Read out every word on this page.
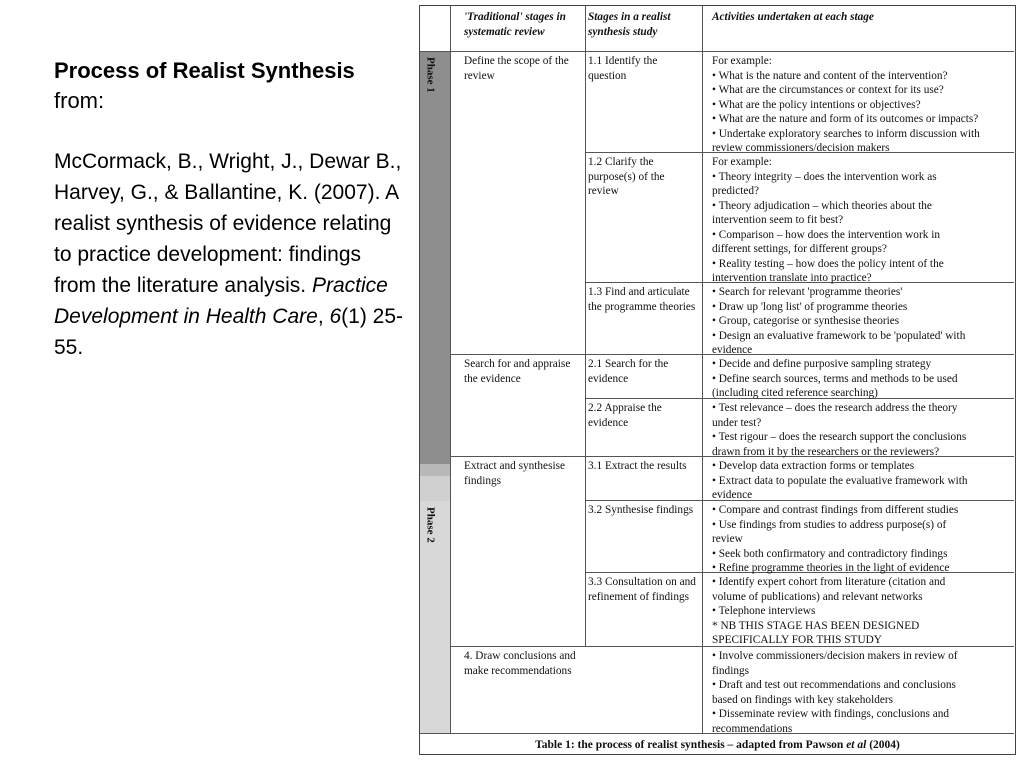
Process of Realist Synthesis
from:

McCormack, B., Wright, J., Dewar B., Harvey, G., & Ballantine, K. (2007). A realist synthesis of evidence relating to practice development: findings from the literature analysis. Practice Development in Health Care, 6(1) 25-55.

Phase 1
Phase 2
'Traditional' stages in systematic review
Stages in a realist synthesis study
Activities undertaken at each stage
Define the scope of the review
Search for and appraise the evidence
Extract and synthesise findings
4. Draw conclusions and make recommendations
1.1 Identify the question
1.2 Clarify the purpose(s) of the review
1.3 Find and articulate the programme theories
2.1 Search for the evidence
2.2 Appraise the evidence
3.1 Extract the results
3.2 Synthesise findings
3.3 Consultation on and refinement of findings
For example:
• What is the nature and content of the intervention?
• What are the circumstances or context for its use?
• What are the policy intentions or objectives?
• What are the nature and form of its outcomes or impacts?
• Undertake exploratory searches to inform discussion with
review commissioners/decision makers
For example:
• Theory integrity – does the intervention work as
predicted?
• Theory adjudication – which theories about the
intervention seem to fit best?
• Comparison – how does the intervention work in
different settings, for different groups?
• Reality testing – how does the policy intent of the
intervention translate into practice?
• Search for relevant 'programme theories'
• Draw up 'long list' of programme theories
• Group, categorise or synthesise theories
• Design an evaluative framework to be 'populated' with
evidence
• Decide and define purposive sampling strategy
• Define search sources, terms and methods to be used
(including cited reference searching)
• Test relevance – does the research address the theory
under test?
• Test rigour – does the research support the conclusions
drawn from it by the researchers or the reviewers?
• Develop data extraction forms or templates
• Extract data to populate the evaluative framework with
evidence
• Compare and contrast findings from different studies
• Use findings from studies to address purpose(s) of
review
• Seek both confirmatory and contradictory findings
• Refine programme theories in the light of evidence
• Identify expert cohort from literature (citation and
volume of publications) and relevant networks
• Telephone interviews
* NB THIS STAGE HAS BEEN DESIGNED
SPECIFICALLY FOR THIS STUDY
• Involve commissioners/decision makers in review of
findings
• Draft and test out recommendations and conclusions
based on findings with key stakeholders
• Disseminate review with findings, conclusions and
recommendations
Table 1: the process of realist synthesis – adapted from Pawson et al (2004)
